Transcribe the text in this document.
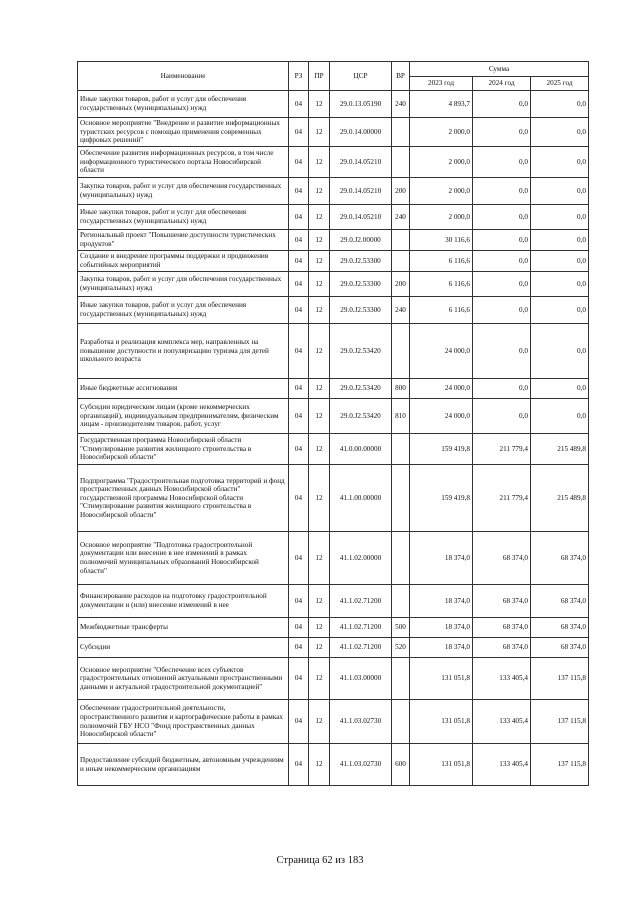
Наименование	РЗ	ПР	ЦСР	ВР	Сумма		
					2023 год	2024 год	2025 год
Иные закупки товаров, работ и услуг для обеспечения государственных (муниципальных) нужд	04	12	29.0.13.05190	240	4 893,7	0,0	0,0
Основное мероприятие "Внедрение и развитие информационных туристских ресурсов с помощью применения современных цифровых решений"	04	12	29.0.14.00000		2 000,0	0,0	0,0
Обеспечение развития информационных ресурсов, в том числе информационного туристического портала Новосибирской области	04	12	29.0.14.05210		2 000,0	0,0	0,0
Закупка товаров, работ и услуг для обеспечения государственных (муниципальных) нужд	04	12	29.0.14.05210	200	2 000,0	0,0	0,0
Иные закупки товаров, работ и услуг для обеспечения государственных (муниципальных) нужд	04	12	29.0.14.05210	240	2 000,0	0,0	0,0
Региональный проект "Повышение доступности туристических продуктов"	04	12	29.0.J2.00000		30 116,6	0,0	0,0
Создание и внедрение программы поддержки и продвижения событийных мероприятий	04	12	29.0.J2.53300		6 116,6	0,0	0,0
Закупка товаров, работ и услуг для обеспечения государственных (муниципальных) нужд	04	12	29.0.J2.53300	200	6 116,6	0,0	0,0
Иные закупки товаров, работ и услуг для обеспечения государственных (муниципальных) нужд	04	12	29.0.J2.53300	240	6 116,6	0,0	0,0
Разработка и реализация комплекса мер, направленных на повышение доступности и популяризацию туризма для детей школьного возраста	04	12	29.0.J2.53420		24 000,0	0,0	0,0
Иные бюджетные ассигнования	04	12	29.0.J2.53420	800	24 000,0	0,0	0,0
Субсидии юридическим лицам (кроме некоммерческих организаций), индивидуальным предпринимателям, физическим лицам - производителям товаров, работ, услуг	04	12	29.0.J2.53420	810	24 000,0	0,0	0,0
Государственная программа Новосибирской области "Стимулирование развития жилищного строительства в Новосибирской области"	04	12	41.0.00.00000		159 419,8	211 779,4	215 489,8
Подпрограмма "Градостроительная подготовка территорий и фонд пространственных данных Новосибирской области" государственной программы Новосибирской области "Стимулирование развития жилищного строительства в Новосибирской области"	04	12	41.1.00.00000		159 419,8	211 779,4	215 489,8
Основное мероприятие "Подготовка градостроительной документации или внесение в нее изменений в рамках полномочий муниципальных образований Новосибирской области"	04	12	41.1.02.00000		18 374,0	68 374,0	68 374,0
Финансирование расходов на подготовку градостроительной документации и (или) внесение изменений в нее	04	12	41.1.02.71200		18 374,0	68 374,0	68 374,0
Межбюджетные трансферты	04	12	41.1.02.71200	500	18 374,0	68 374,0	68 374,0
Субсидии	04	12	41.1.02.71200	520	18 374,0	68 374,0	68 374,0
Основное мероприятие "Обеспечение всех субъектов градостроительных отношений актуальными пространственными данными и актуальной градостроительной документацией"	04	12	41.1.03.00000		131 051,8	133 405,4	137 115,8
Обеспечение градостроительной деятельности, пространственного развития и картографические работы в рамках полномочий ГБУ НСО "Фонд пространственных данных Новосибирской области"	04	12	41.1.03.02730		131 051,8	133 405,4	137 115,8
Предоставление субсидий бюджетным, автономным учреждениям и иным некоммерческим организациям	04	12	41.1.03.02730	600	131 051,8	133 405,4	137 115,8
Страница 62 из 183
